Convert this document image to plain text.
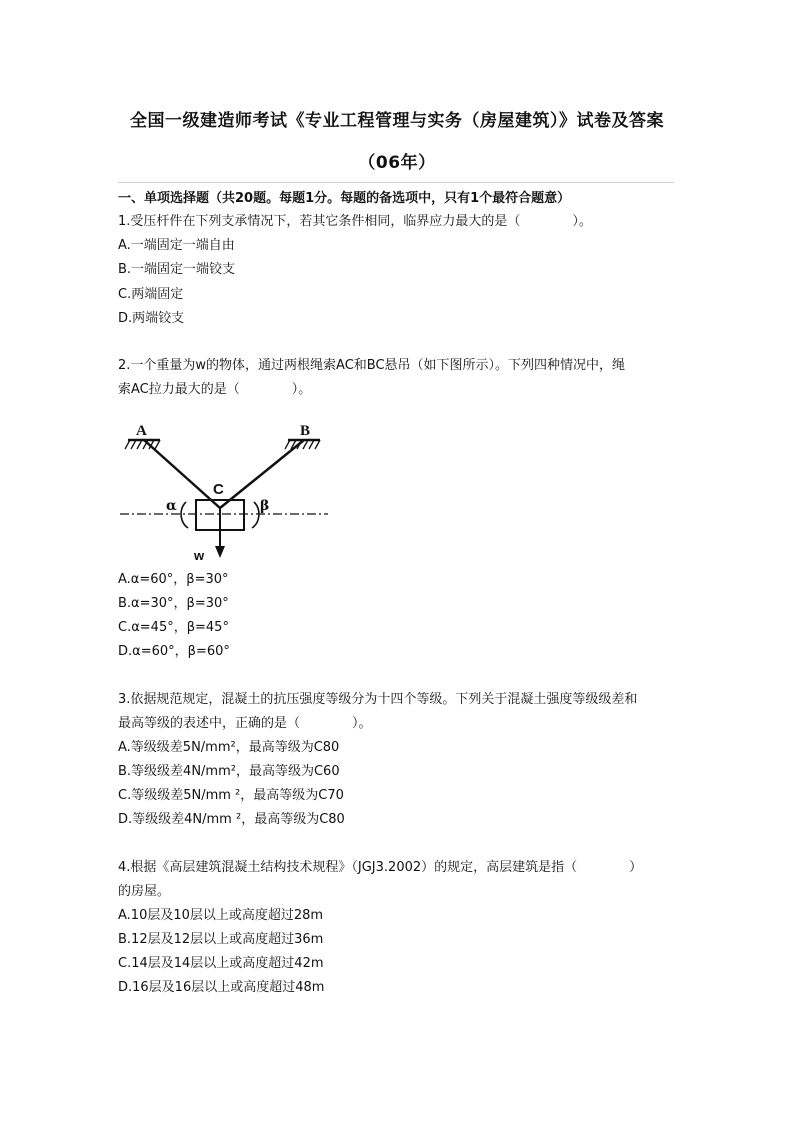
全国一级建造师考试《专业工程管理与实务（房屋建筑）》试卷及答案
（06年）
一、单项选择题（共20题。每题1分。每题的备选项中，只有1个最符合题意）
1.受压杆件在下列支承情况下，若其它条件相同，临界应力最大的是（　　　　）。
A.一端固定一端自由
B.一端固定一端铰支
C.两端固定
D.两端铰支
2.一个重量为w的物体，通过两根绳索AC和BC悬吊（如下图所示）。下列四种情况中，绳
索AC拉力最大的是（　　　　）。
A	B
C
α	β
w
A.α=60°，β=30°
B.α=30°，β=30°
C.α=45°，β=45°
D.α=60°，β=60°
3.依据规范规定，混凝土的抗压强度等级分为十四个等级。下列关于混凝土强度等级级差和
最高等级的表述中，正确的是（　　　　）。
A.等级级差5N/mm²，最高等级为C80
B.等级级差4N/mm²，最高等级为C60
C.等级级差5N/mm ²，最高等级为C70
D.等级级差4N/mm ²，最高等级为C80
4.根据《高层建筑混凝土结构技术规程》（JGJ3.2002）的规定，高层建筑是指（　　　　）
的房屋。
A.10层及10层以上或高度超过28m
B.12层及12层以上或高度超过36m
C.14层及14层以上或高度超过42m
D.16层及16层以上或高度超过48m
